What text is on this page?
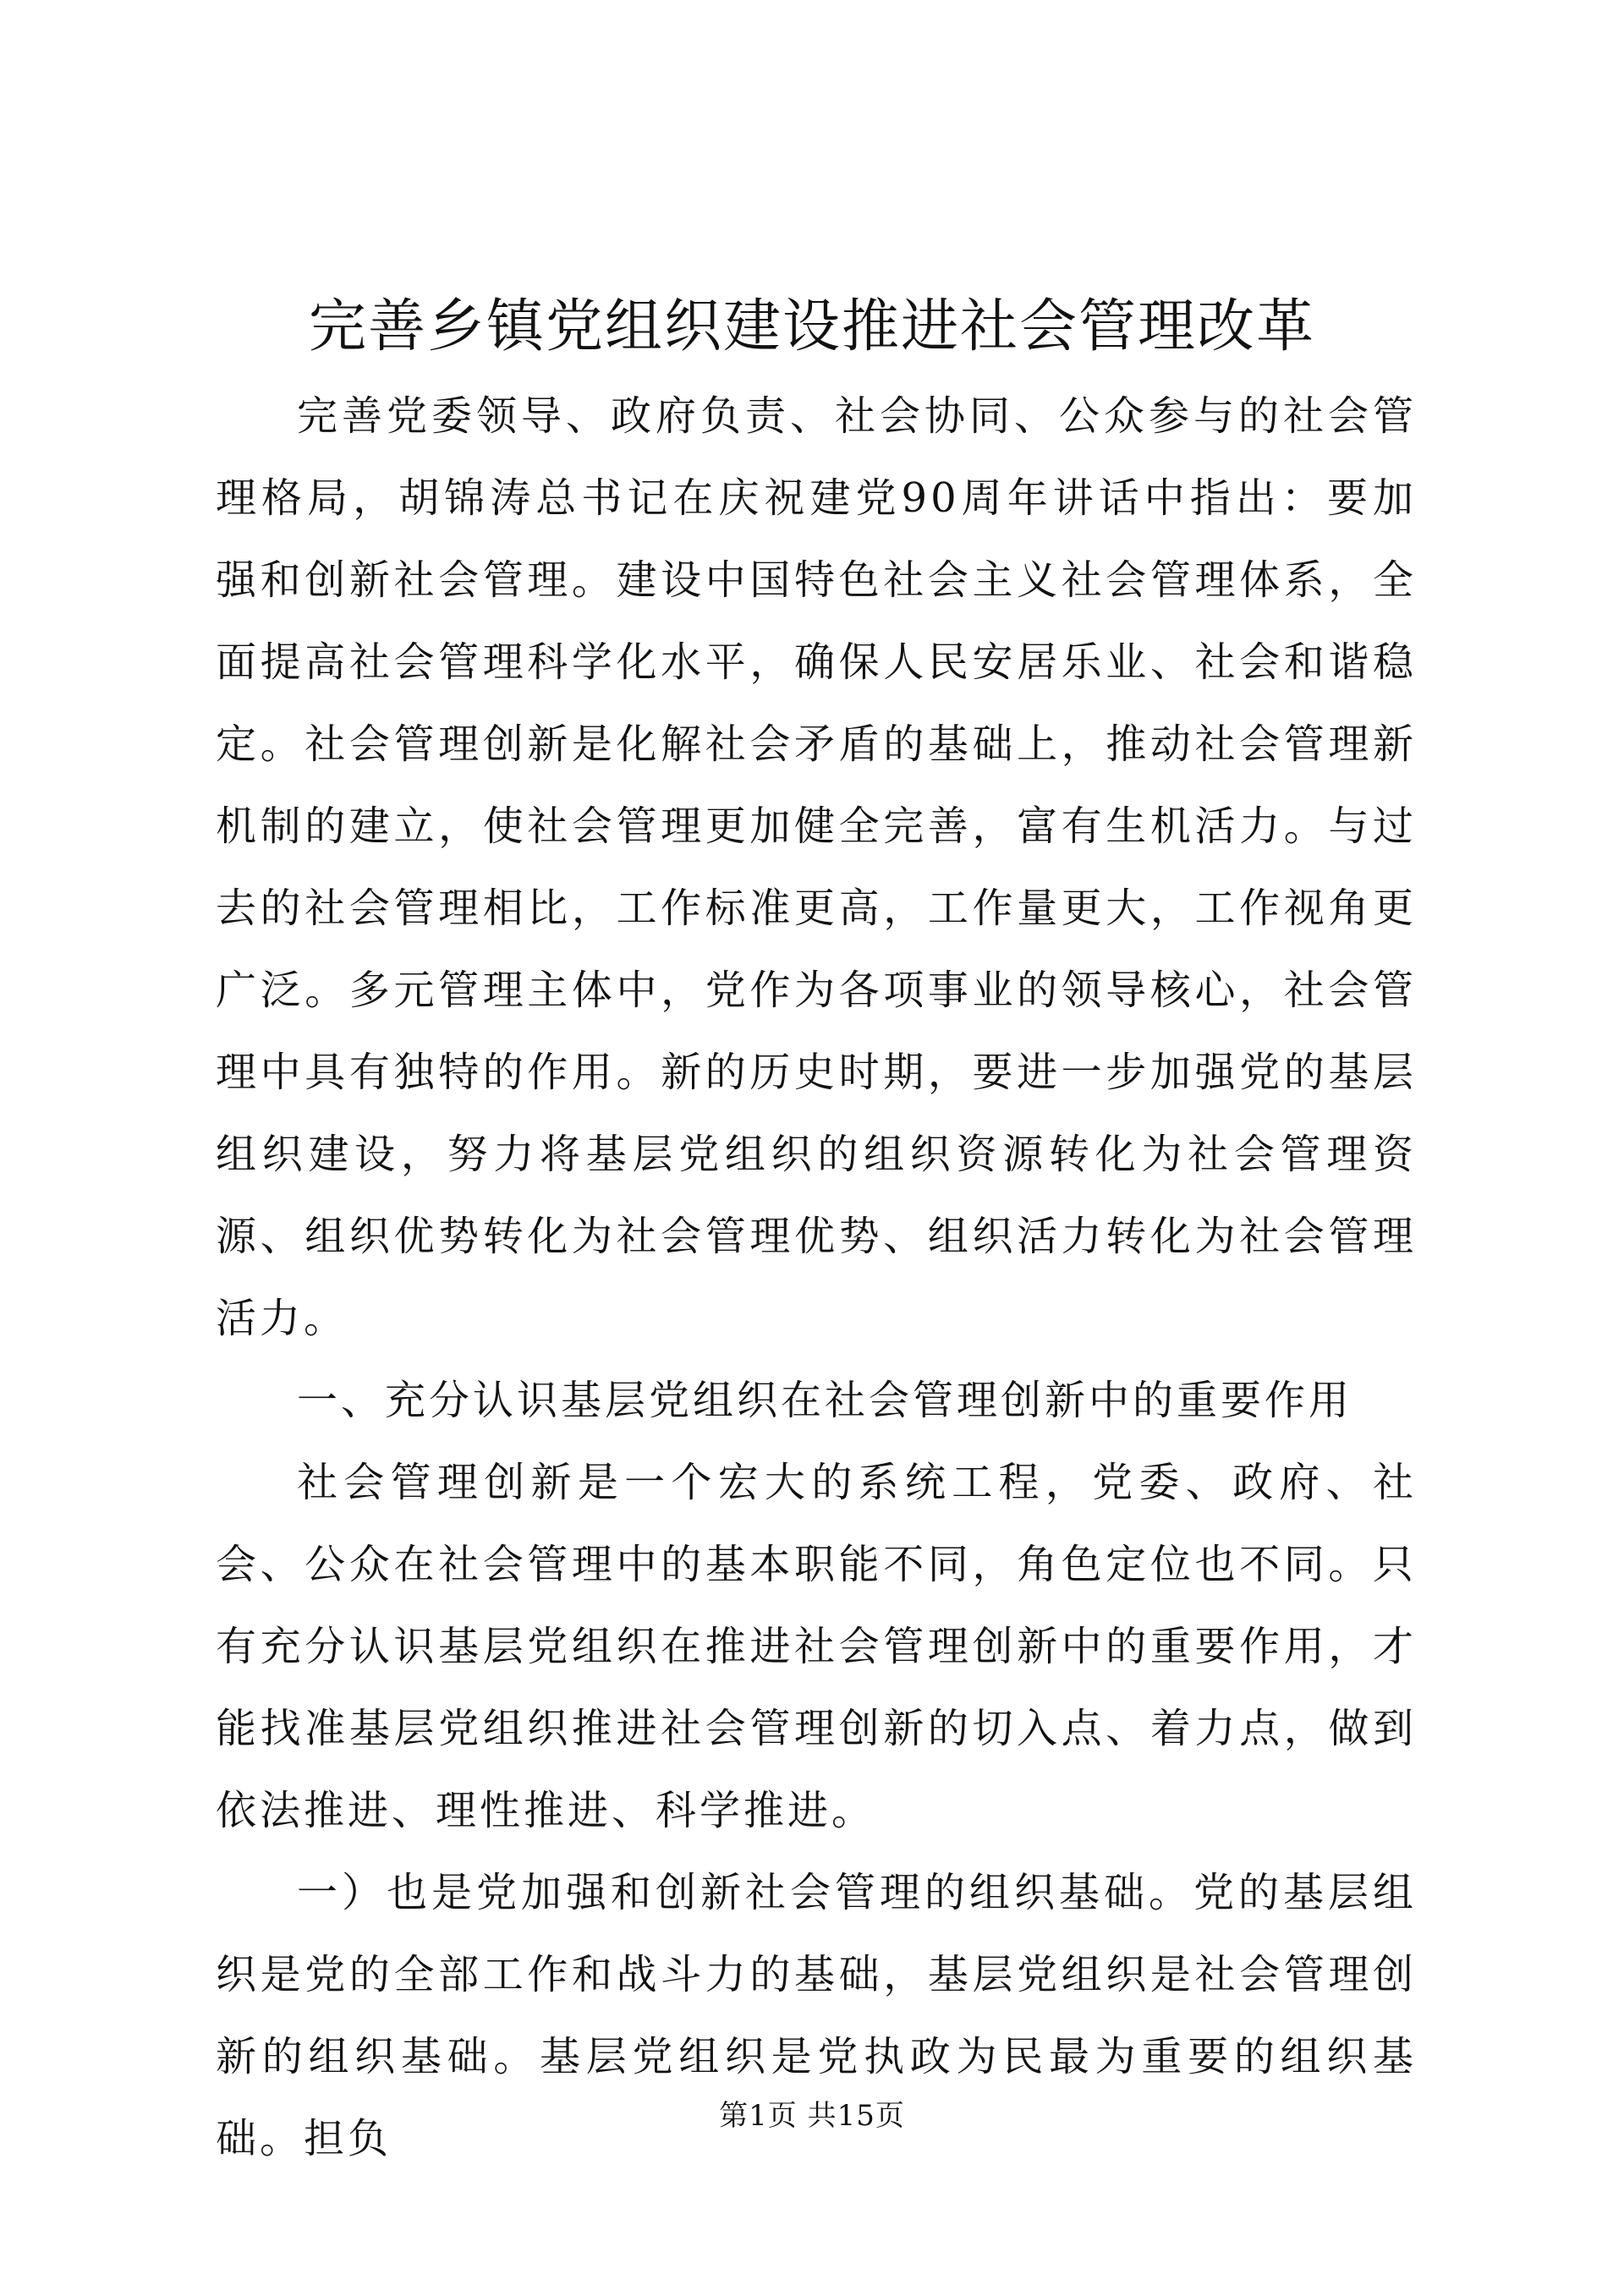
完善乡镇党组织建设推进社会管理改革

完善党委领导、政府负责、社会协同、公众参与的社会管理格局，胡锦涛总书记在庆祝建党90周年讲话中指出：要加强和创新社会管理。建设中国特色社会主义社会管理体系，全面提高社会管理科学化水平，确保人民安居乐业、社会和谐稳定。社会管理创新是化解社会矛盾的基础上，推动社会管理新机制的建立，使社会管理更加健全完善，富有生机活力。与过去的社会管理相比，工作标准更高，工作量更大，工作视角更广泛。多元管理主体中，党作为各项事业的领导核心，社会管理中具有独特的作用。新的历史时期，要进一步加强党的基层组织建设，努力将基层党组织的组织资源转化为社会管理资源、组织优势转化为社会管理优势、组织活力转化为社会管理活力。

一、充分认识基层党组织在社会管理创新中的重要作用

社会管理创新是一个宏大的系统工程，党委、政府、社会、公众在社会管理中的基本职能不同，角色定位也不同。只有充分认识基层党组织在推进社会管理创新中的重要作用，才能找准基层党组织推进社会管理创新的切入点、着力点，做到依法推进、理性推进、科学推进。

一）也是党加强和创新社会管理的组织基础。党的基层组织是党的全部工作和战斗力的基础，基层党组织是社会管理创新的组织基础。基层党组织是党执政为民最为重要的组织基础。担负	第1页 共15页
